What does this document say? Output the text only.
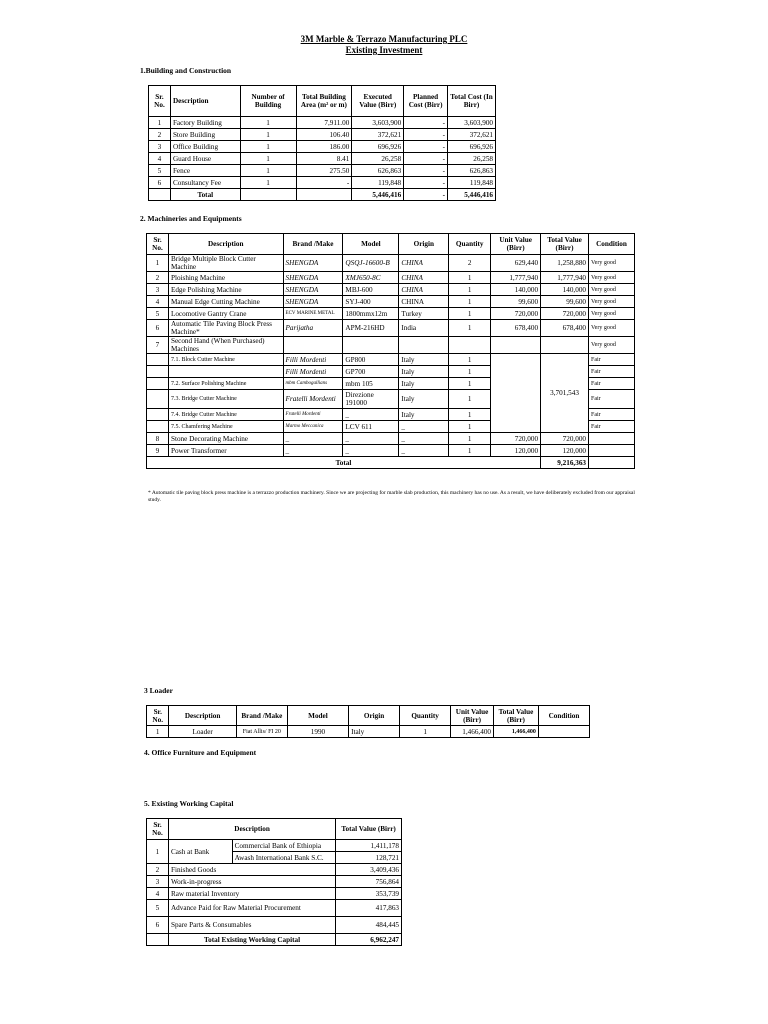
3M Marble & Terrazo Manufacturing PLC
Existing Investment
1.Building and Construction
Sr. No.	Description	Number of Building	Total Building Area (m² or m)	Executed Value (Birr)	Planned Cost (Birr)	Total Cost (In Birr)
1	Factory Building	1	7,911.00	3,603,900	-	3,603,900
2	Store Building	1	106.40	372,621	-	372,621
3	Office Building	1	186.00	696,926	-	696,926
4	Guard House	1	8.41	26,258	-	26,258
5	Fence	1	275.50	626,863	-	626,863
6	Consultancy Fee	1	-	119,848	-	119,848
	Total			5,446,416	-	5,446,416
2. Machineries and Equipments
Sr. No.	Description	Brand /Make	Model	Origin	Quantity	Unit Value (Birr)	Total Value (Birr)	Condition
1	Bridge Multiple Block Cutter Machine	SHENGDA	QSQJ-16600-B	CHINA	2	629,440	1,258,880	Very good
2	Ploishing Machine	SHENGDA	XMJ650-8C	CHINA	1	1,777,940	1,777,940	Very good
3	Edge Polishing Machine	SHENGDA	MBJ-600	CHINA	1	140,000	140,000	Very good
4	Manual Edge Cutting Machine	SHENGDA	SYJ-400	CHINA	1	99,600	99,600	Very good
5	Locomotive Gantry Crane	ECV MARINE METAL	1800mmx12m	Turkey	1	720,000	720,000	Very good
6	Automatic Tile Paving Block Press Machine*	Parijatha	APM-216HD	India	1	678,400	678,400	Very good
7	Second Hand (When Purchased) Machines							Very good
	7.1. Block Cutter Machine	Filli Mordenti	GP800	Italy	1		3,701,543	Fair
		Filli Mordenti	GP700	Italy	1			Fair
	7.2. Surface Polishing Machine	mbm Cambogallians	mbm 105	Italy	1			Fair
	7.3. Bridge Cutter Machine	Fratelli Mordenti	Direzione 191000	Italy	1			Fair
	7.4. Bridge Cutter Machine	Fratelli Mordenti	_	Italy	1			Fair
	7.5. Chamfering Machine	Marmo Meccanica	LCV 611	_	1			Fair
8	Stone Decorating Machine	_	_	_	1	720,000	720,000	
9	Power Transformer	_	_	_	1	120,000	120,000	
Total							9,216,363	
* Automatic tile paving block press machine is a terrazzo production machinery. Since we are projecting for marble slab production, this machinery has no use. As a result, we have deliberately excluded from our appraisal study.
3 Loader
Sr. No.	Description	Brand /Make	Model	Origin	Quantity	Unit Value (Birr)	Total Value (Birr)	Condition
1	Loader	Fiat Allis/ FI 20	1990	Italy	1	1,466,400	1,466,400	
4. Office Furniture and Equipment
5. Existing Working Capital
Sr. No.	Description		Total Value (Birr)
1	Cash at Bank	Commercial Bank of Ethiopia	1,411,178
		Awash International Bank S.C.	128,721
2	Finished Goods		3,409,436
3	Work-in-progress		756,864
4	Raw material Inventory		353,739
5	Advance Paid for Raw Material Procurement		417,863
6	Spare Parts & Consumables		484,445
	Total Existing Working Capital		6,962,247
